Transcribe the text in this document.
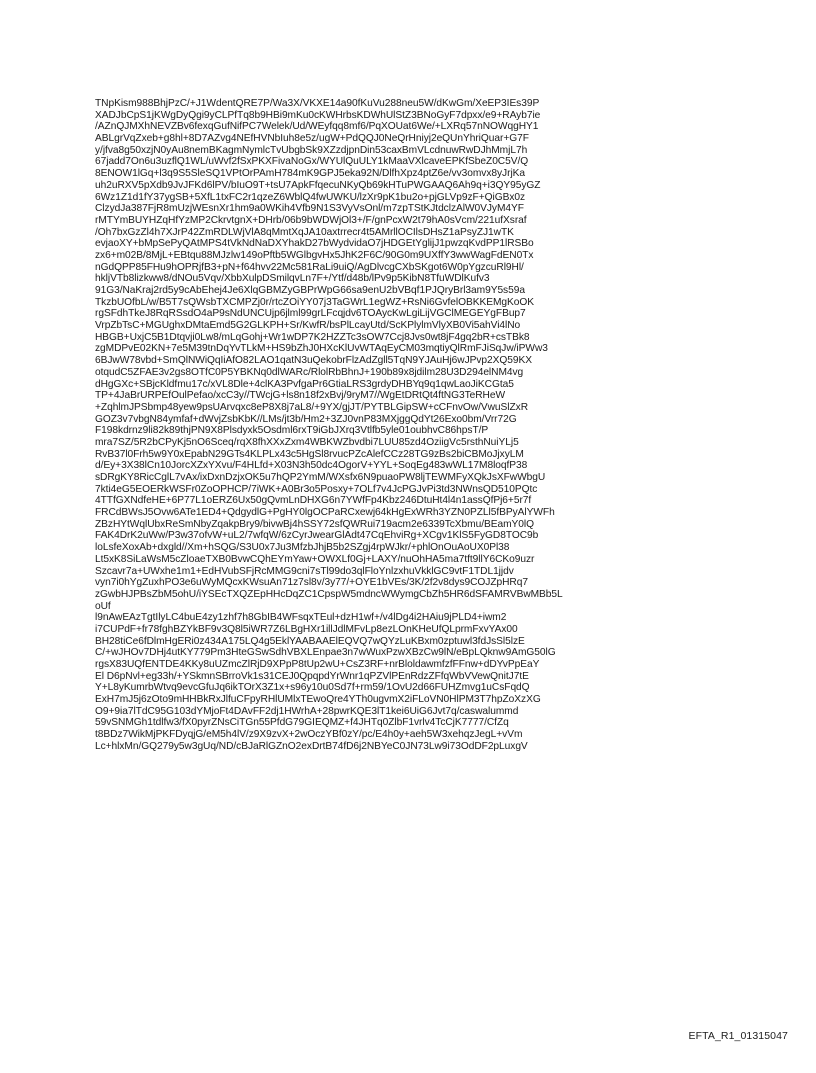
TNpKism988BhjPzC/+J1WdentQRE7P/Wa3X/VKXE14a90fKuVu288neu5W/dKwGm/XeEP3IEs39P
XADJbCpS1jKWgDyQgi9yCLPfTq8b9HBi9mKu0cKWHrbsKDWhUlStZ3BNoGyF7dpxx/e9+RAyb7ie
/AZnQJMXhNEVZBv6fexqGufNifPC7Welek/Ud/WEyfqq8mf6/PqXOUat6We/+LXRq57nNOWqgHY1
ABLgrVqZxeb+g8hl+8D7AZvg4NEfHVNbIuh8e5z/ugW+PdQQJ0NeQrHniyj2eQUnYhriQuar+G7F
y/jfva8g50xzjN0yAu8nemBKagmNymlcTvUbgbSk9XZzdjpnDin53caxBmVLcdnuwRwDJhMmjL7h
67jadd7On6u3uzflQ1WL/uWvf2fSxPKXFivaNoGx/WYUlQuULY1kMaaVXlcaveEPKfSbeZ0C5V/Q
8ENOW1lGq+l3q9S5SleSQ1VPtOrPAmH784mK9GPJ5eka92N/DlfhXpz4ptZ6e/vv3omvx8yJrjKa
uh2uRXV5pXdb9JvJFKd6lPV/bIuO9T+tsU7ApkFfqecuNKyQb69kHTuPWGAAQ6Ah9q+i3QY95yGZ
6Wz1Z1d1fY37ygSB+5XfL1txFC2r1qzeZ6WblQ4fwUWKU/lzXr9pK1bu2o+pjGLVp9zF+QiGBx0z
ClzydJa387FjR8mUzjWEsnXr1hm9a0WKih4Vfb9N1S3VyVsOnl/m7zpTStKJtdclzAlW0VJyM4YF
rMTYmBUYHZqHfYzMP2CkrvtgnX+DHrb/06b9bWDWjOl3+/F/gnPcxW2t79hA0sVcm/221ufXsraf
/Oh7bxGzZl4h7XJrP42ZmRDLWjVlA8qMmtXqJA10axtrrecr4t5AMrllOCIlsDHsZ1aPsyZJ1wTK
evjaoXY+bMpSePyQAtMPS4tVkNdNaDXYhakD27bWydvidaO7jHDGEtYglijJ1pwzqKvdPP1lRSBo
zx6+m02B/8MjL+EBtqu88MJzlw149oPftb5WGlbgvHx5JhK2F6C/90G0m9UXffY3wwWagFdEN0Tx
nGdQPP85FHu9hOPRjfB3+pN+f64hvv22Mc581RaLi9uiQ/AgDlvcgCXbSKgot6W0pYgzcuRl9Hl/
hkljVTb8lizkww8/dNOu5Vqv/XbbXulpDSmilqvLn7F+/Ytf/d48b/lPv9p5KibN8TfuWDlKufv3
91G3/NaKraj2rd5y9cAbEhej4Je6XlqGBMZyGBPrWpG66sa9enU2bVBqf1PJQryBrl3am9Y5s59a
TkzbUOfbL/w/B5T7sQWsbTXCMPZj0r/rtcZOiYY07j3TaGWrL1egWZ+RsNi6GvfelOBKKEMgKoOK
rgSFdhTkeJ8RqRSsdO4aP9sNdUNCUjp6jlml99grLFcqjdv6TOAycKwLgiLijVGClMEGEYgFBup7
VrpZbTsC+MGUghxDMtaEmd5G2GLKPH+Sr/KwfR/bsPlLcayUtd/ScKPlylmVlyXB0Vi5ahVi4lNo
HBGB+UxjC5B1Dtqvji0Lw8/mLqGohj+Wr1wDP7K2HZZTc3sOW7Ccj8Jvs0wt8jF4gq2bR+csTBk8
zgMDPvE02KN+7e5M39tnDqYvTLkM+HS9bZhJ0HXcKlUvWTAqEyCM03mqtiyQlRmFJiSqJw/iPWw3
6BJwW78vbd+SmQlNWiQqIiAfO82LAO1qatN3uQekobrFlzAdZgll5TqN9YJAuHj6wJPvp2XQ59KX
otqudC5ZFAE3v2gs8OTfC0P5YBKNq0dlWARc/RlolRbBhnJ+190b89x8jdilm28U3D294elNM4vg
dHgGXc+SBjcKldfmu17c/xVL8Dle+4clKA3PvfgaPr6GtiaLRS3grdyDHBYq9q1qwLaoJiKCGta5
TP+4JaBrURPEfOulPefao/xcC3y//TWcjG+ls8n18f2xBvj/9ryM7//WgEtDRtQt4ftNG3TeRHeW
+ZqhlmJPSbmp48yew9psUArvqxc8eP8X8j7aL8/+9YX/gjJT/PYTBLGipSW+cCFnvOw/VwuSlZxR
GOZ3v7vbgN84ymfaf+dWvjZsbKbK//LMs/jt3b/Hm2+3ZJ0vnP83MXjggQdYt26Exo0bm/Vrr72G
F198kdrnz9li82k89thjPN9X8Plsdyxk5Osdml6rxT9iGbJXrq3Vtlfb5yle01oubhvC86hpsT/P
mra7SZ/5R2bCPyKj5nO6Sceq/rqX8fhXXxZxm4WBKWZbvdbi7LUU85zd4OziigVc5rsthNuiYLj5
RvB37l0Frh5w9Y0xEpabN29GTs4KLPLx43c5HgSl8rvucPZcAlefCCz28TG9zBs2biCBMoJjxyLM
d/Ey+3X38lCn10JorcXZxYXvu/F4HLfd+X03N3h50dc4OgorV+YYL+SoqEg483wWL17M8loqfP38
sDRgKY8RicCglL7vAx/ixDxnDzjxOK5u7hQP2YmM/WXsfx6N9puaoPW8ljTEWMFyXQkJsXFwWbgU
7kti4eG5EOERkWSFr0ZoOPHCP/7iWK+A0Br3o5Posxy+7OLf7v4JcPGJvPi3td3NWnsQD510PQtc
4TTfGXNdfeHE+6P77L1oERZ6Ux50gQvmLnDHXG6n7YWfFp4Kbz246DtuHt4l4n1assQfPj6+5r7f
FRCdBWsJ5Ovw6ATe1ED4+QdgydlG+PgHY0lgOCPaRCxewj64kHgExWRh3YZN0PZLl5fBPyAlYWFh
ZBzHYtWqlUbxReSmNbyZqakpBry9/bivwBj4hSSY72sfQWRui719acm2e6339TcXbmu/BEamY0lQ
FAK4DrK2uWw/P3w37ofvW+uL2/7wfqW/6zCyrJwearGlAdt47CqEhviRg+XCgv1KlS5FyGD8TOC9b
loLsfeXoxAb+dxgld//Xm+hSQG/S3U0x7Ju3MfzbJhjB5b2SZgj4rpWJkr/+phlOnOuAoUX0Pl38
Lt5xK8SiLaWsM5cZloaeTXB0BvwCQhEYmYaw+OWXLf0Gj+LAXY/nuOhHA5ma7tft9llY6CKo9uzr
Szcavr7a+UWxhe1m1+EdHVubSFjRcMMG9cni7sTl99do3qlFloYnlzxhuVkklGC9vtF1TDL1jjdv
vyn7i0hYgZuxhPO3e6uWyMQcxKWsuAn71z7sl8v/3y77/+OYE1bVEs/3K/2f2v8dys9COJZpHRq7
zGwbHJPBsZbM5ohU/iYSEcTXQZEpHHcDqZC1CpspW5mdncWWymgCbZh5HR6dSFAMRVBwMBb5L
oUf
l9nAwEAzTgtIlyLC4buE4zy1zhf7h8GbIB4WFsqxTEul+dzH1wf+/v4lDg4i2HAiu9jPLD4+iwm2
i7CUPdF+fr78fghBZYkBF9v3Q8l5iWR7Z6LBgHXr1illJdlMFvLp8ezLOnKHeUfQLprmFxvYAx00
BH28tiCe6fDlmHgERi0z434A175LQ4g5EklYAABAAElEQVQ7wQYzLuKBxm0zptuwl3fdJsSl5lzE
C/+wJHOv7DHj4utKY779Pm3HteGSwSdhVBXLEnpae3n7wWuxPzwXBzCw9lN/eBpLQknw9AmG50lG
rgsX83UQfENTDE4KKy8uUZmcZlRjD9XPpP8tUp2wU+CsZ3RF+nrBloldawmfzfFFnw+dDYvPpEaY
El D6pNvl+eg33h/+YSkmnSBrroVk1s31CEJ0QpqpdYrWnr1qPZVlPEnRdzZFfqWbVVewQnitJ7tE
Y+L8yKumrbWtvq9evcGfuJq6ikTOrX3Z1x+s96y10u0Sd7f+rm59/1OvU2d66FUHZmvg1uCsFqdQ
ExH7mJ5j6zOto9mHHBkRxJlfuCFpyRHlUMlxTEwoQre4YTh0ugvmX2iFLoVN0HlPM3T7hpZoXzXG
O9+9ia7lTdC95G103dYMjoFt4DAvFF2dj1HWrhA+28pwrKQE3lT1kei6UiG6Jvt7q/caswalummd
59vSNMGh1tdlfw3/fX0pyrZNsCiTGn55PfdG79GIEQMZ+f4JHTq0ZlbF1vrlv4TcCjK7777/CfZq
t8BDz7WikMjPKFDyqjG/eM5h4lV/z9X9zvX+2wOczYBf0zY/pc/E4h0y+aeh5W3xehqzJegL+vVm
Lc+hlxMn/GQ279y5w3gUq/ND/cBJaRlGZnO2exDrtB74fD6j2NBYeC0JN73Lw9i73OdDF2pLuxgV
EFTA_R1_01315047
